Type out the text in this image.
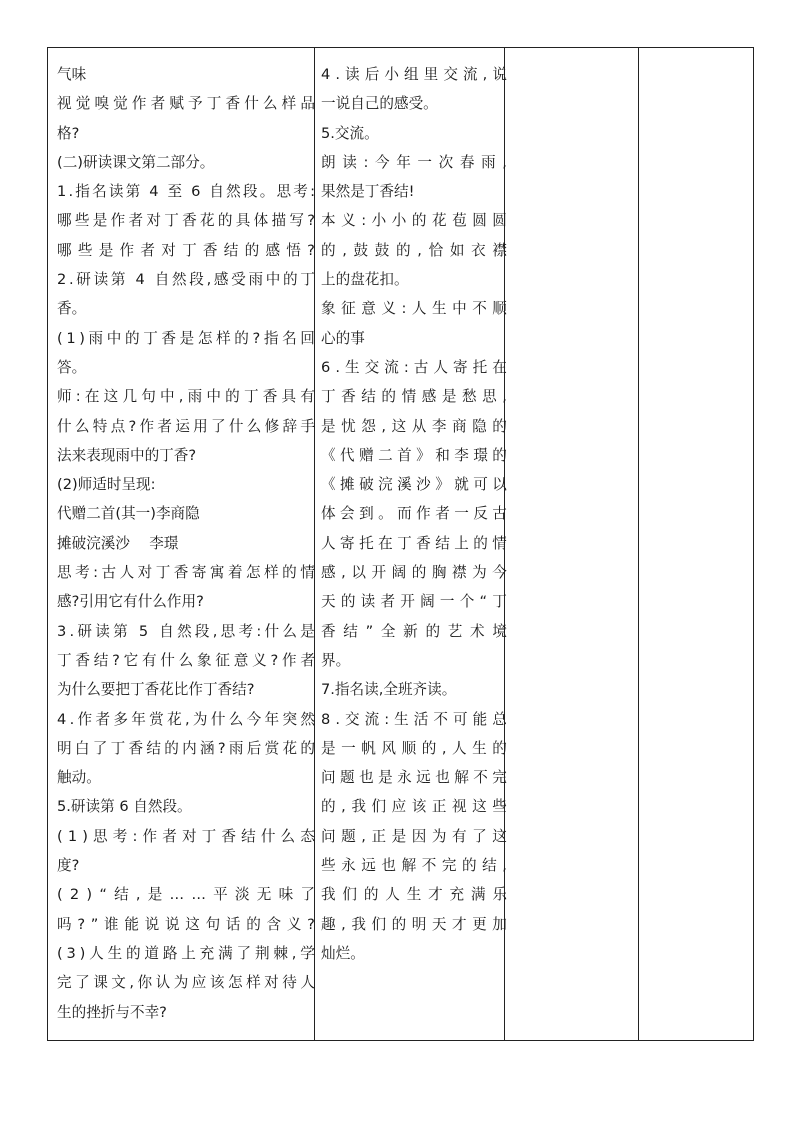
气味
视 觉 嗅 觉 作 者 赋 予 丁 香 什 么 样 品
格?
(二)研读课文第二部分。
1 . 指 名 读 第
4
至
6
自 然 段 。 思 考 :
哪 些 是 作 者 对 丁 香 花 的 具 体 描 写 ?
哪 些 是 作 者 对 丁 香 结 的 感 悟 ?
2 . 研 读 第
4
自 然 段 , 感 受 雨 中 的 丁
香。
( 1 ) 雨 中 的 丁 香 是 怎 样 的 ? 指 名 回
答。
师 : 在 这 几 句 中 , 雨 中 的 丁 香 具 有
什 么 特 点 ? 作 者 运 用 了 什 么 修 辞 手
法来表现雨中的丁香?
(2)师适时呈现:
代赠二首(其一)李商隐
摊破浣溪沙　 李璟
思 考 : 古 人 对 丁 香 寄 寓 着 怎 样 的 情
感?引用它有什么作用?
3 . 研 读 第
5
自 然 段 , 思 考 : 什 么 是
丁 香 结 ? 它 有 什 么 象 征 意 义 ? 作 者
为什么要把丁香花比作丁香结?
4 . 作 者 多 年 赏 花 , 为 什 么 今 年 突 然
明 白 了 丁 香 结 的 内 涵 ? 雨 后 赏 花 的
触动。
5.研读第 6 自然段。
( 1 ) 思 考 : 作 者 对 丁 香 结 什 么 态
度?
( 2 ) “ 结 , 是 … … 平 淡 无 味 了
吗 ? ” 谁 能 说 说 这 句 话 的 含 义 ?
( 3 ) 人 生 的 道 路 上 充 满 了 荆 棘 , 学
完 了 课 文 , 你 认 为 应 该 怎 样 对 待 人
生的挫折与不幸?
4 . 读 后 小 组 里 交 流 , 说
一说自己的感受。
5.交流。
朗 读 : 今 年 一 次 春 雨 ,
果然是丁香结!
本 义 : 小 小 的 花 苞 圆 圆
的 , 鼓 鼓 的 , 恰 如 衣 襟
上的盘花扣。
象 征 意 义 : 人 生 中 不 顺
心的事
6 . 生 交 流 : 古 人 寄 托 在
丁 香 结 的 情 感 是 愁 思 ,
是 忧 怨 , 这 从 李 商 隐 的
《 代 赠 二 首 》 和 李 璟 的
《 摊 破 浣 溪 沙 》 就 可 以
体 会 到 。 而 作 者 一 反 古
人 寄 托 在 丁 香 结 上 的 情
感 , 以 开 阔 的 胸 襟 为 今
天 的 读 者 开 阔 一 个 “ 丁
香 结 ” 全 新 的 艺 术 境
界。
7.指名读,全班齐读。
8 . 交 流 : 生 活 不 可 能 总
是 一 帆 风 顺 的 , 人 生 的
问 题 也 是 永 远 也 解 不 完
的 , 我 们 应 该 正 视 这 些
问 题 , 正 是 因 为 有 了 这
些 永 远 也 解 不 完 的 结 ,
我 们 的 人 生 才 充 满 乐
趣 , 我 们 的 明 天 才 更 加
灿烂。
